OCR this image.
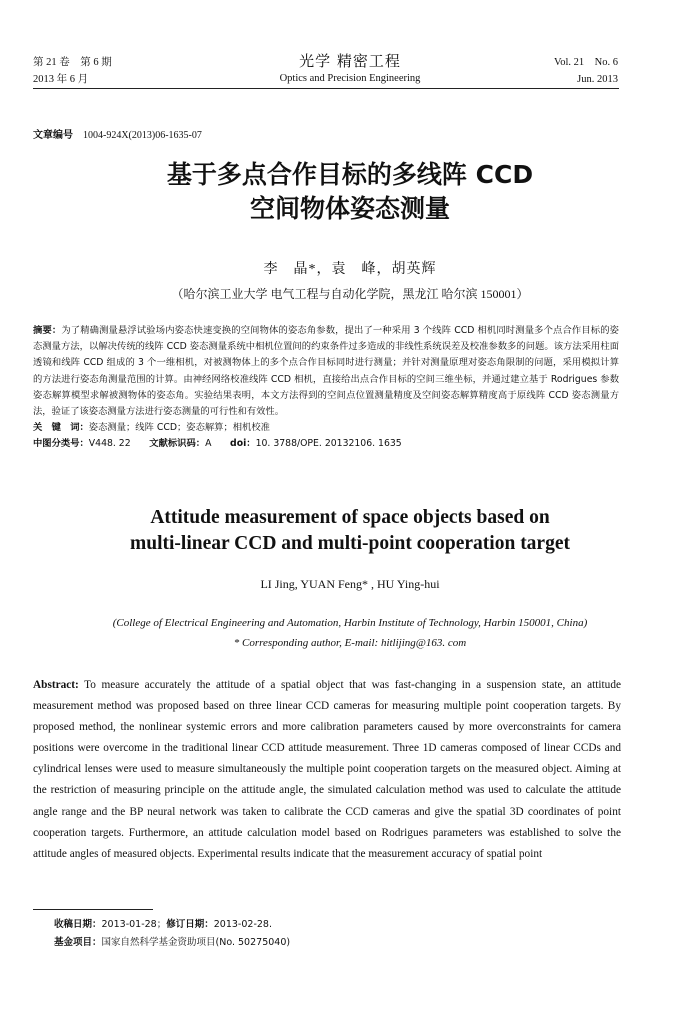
第 21 卷　第 6 期
2013 年 6 月
光学 精密工程
Optics and Precision Engineering
Vol. 21　No. 6
Jun. 2013
文章编号 1004-924X(2013)06-1635-07
基于多点合作目标的多线阵 CCD
空间物体姿态测量
李　晶*，袁　峰，胡英辉
（哈尔滨工业大学 电气工程与自动化学院，黑龙江 哈尔滨 150001）
摘要：为了精确测量悬浮试验场内姿态快速变换的空间物体的姿态角参数，提出了一种采用 3 个线阵 CCD 相机同时测量多个点合作目标的姿态测量方法，以解决传统的线阵 CCD 姿态测量系统中相机位置间的约束条件过多造成的非线性系统误差及校准参数多的问题。该方法采用柱面透镜和线阵 CCD 组成的 3 个一维相机，对被测物体上的多个点合作目标同时进行测量；并针对测量原理对姿态角限制的问题，采用模拟计算的方法进行姿态角测量范围的计算。由神经网络校准线阵 CCD 相机，直接给出点合作目标的空间三维坐标，并通过建立基于 Rodrigues 参数姿态解算模型求解被测物体的姿态角。实验结果表明，本文方法得到的空间点位置测量精度及空间姿态解算精度高于原线阵 CCD 姿态测量方法，验证了该姿态测量方法进行姿态测量的可行性和有效性。
关　键　词：姿态测量；线阵 CCD；姿态解算；相机校准
中图分类号：V448. 22　　 文献标识码：A　　 doi：10. 3788/OPE. 20132106. 1635
Attitude measurement of space objects based on
multi-linear CCD and multi-point cooperation target
LI Jing, YUAN Feng* , HU Ying-hui
(College of Electrical Engineering and Automation, Harbin Institute of Technology, Harbin 150001, China)
* Corresponding author, E-mail: hitlijing@163. com
Abstract: To measure accurately the attitude of a spatial object that was fast-changing in a suspension state, an attitude measurement method was proposed based on three linear CCD cameras for measuring multiple point cooperation targets. By proposed method, the nonlinear systemic errors and more calibration parameters caused by more overconstraints for camera positions were overcome in the traditional linear CCD attitude measurement. Three 1D cameras composed of linear CCDs and cylindrical lenses were used to measure simultaneously the multiple point cooperation targets on the measured object. Aiming at the restriction of measuring principle on the attitude angle, the simulated calculation method was used to calculate the attitude angle range and the BP neural network was taken to calibrate the CCD cameras and give the spatial 3D coordinates of point cooperation targets. Furthermore, an attitude calculation model based on Rodrigues parameters was established to solve the attitude angles of measured objects. Experimental results indicate that the measurement accuracy of spatial point
收稿日期：2013-01-28；修订日期：2013-02-28.
基金项目：国家自然科学基金资助项目(No. 50275040)
